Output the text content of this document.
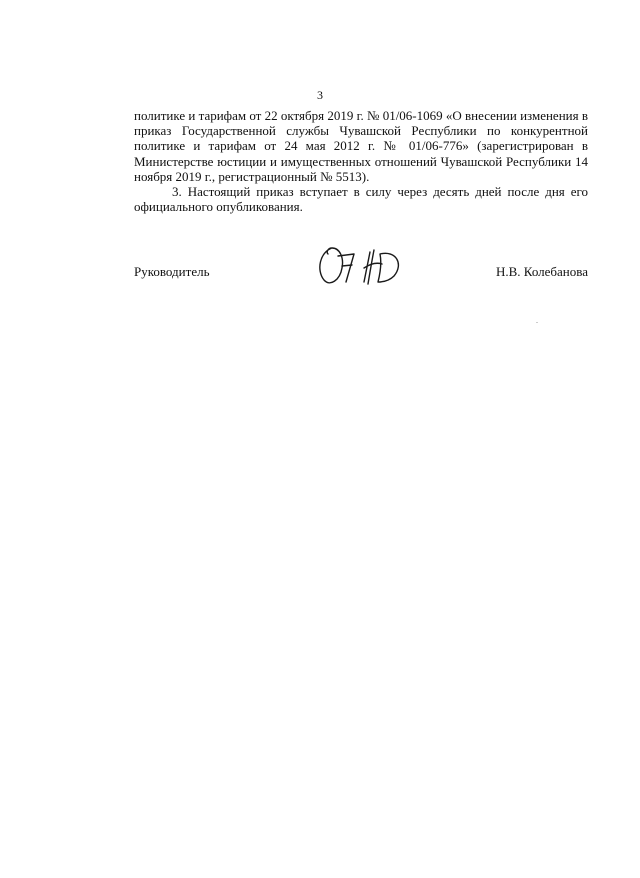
3

политике и тарифам от 22 октября 2019 г. № 01/06-1069 «О внесении изменения в приказ Государственной службы Чувашской Республики по конкурентной политике и тарифам от 24 мая 2012 г. № 01/06-776» (зарегистрирован в Министерстве юстиции и имущественных отношений Чувашской Республики 14 ноября 2019 г., регистрационный № 5513).

3. Настоящий приказ вступает в силу через десять дней после дня его официального опубликования.

Руководитель	Н.В. Колебанова
